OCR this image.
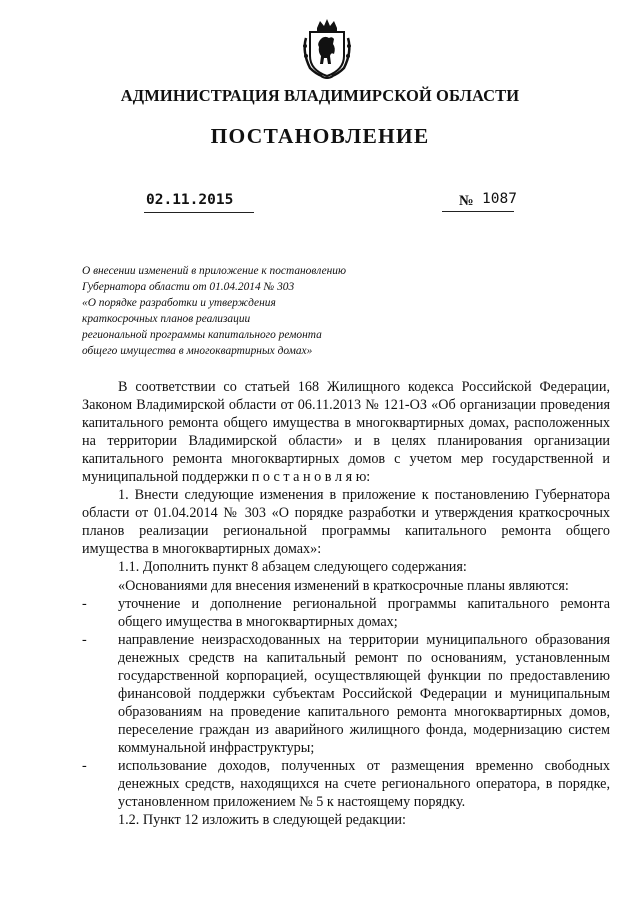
АДМИНИСТРАЦИЯ ВЛАДИМИРСКОЙ ОБЛАСТИ
ПОСТАНОВЛЕНИЕ
02.11.2015	№ 1087
О внесении изменений в приложение к постановлению
Губернатора области от 01.04.2014 № 303
«О порядке разработки и утверждения
краткосрочных планов реализации
региональной программы капитального ремонта
общего имущества в многоквартирных домах»

В соответствии со статьей 168 Жилищного кодекса Российской Федерации, Законом Владимирской области от 06.11.2013 № 121-ОЗ «Об организации проведения капитального ремонта общего имущества в многоквартирных домах, расположенных на территории Владимирской области» и в целях планирования организации капитального ремонта многоквартирных домов с учетом мер государственной и муниципальной поддержки п о с т а н о в л я ю:

1. Внести следующие изменения в приложение к постановлению Губернатора области от 01.04.2014 № 303 «О порядке разработки и утверждения краткосрочных планов реализации региональной программы капитального ремонта общего имущества в многоквартирных домах»:

1.1. Дополнить пункт 8 абзацем следующего содержания:

«Основаниями для внесения изменений в краткосрочные планы являются:

-	уточнение и дополнение региональной программы капитального ремонта общего имущества в многоквартирных домах;
-	направление неизрасходованных на территории муниципального образования денежных средств на капитальный ремонт по основаниям, установленным государственной корпорацией, осуществляющей функции по предоставлению финансовой поддержки субъектам Российской Федерации и муниципальным образованиям на проведение капитального ремонта многоквартирных домов, переселение граждан из аварийного жилищного фонда, модернизацию систем коммунальной инфраструктуры;
-	использование доходов, полученных от размещения временно свободных денежных средств, находящихся на счете регионального оператора, в порядке, установленном приложением № 5 к настоящему порядку.

1.2. Пункт 12 изложить в следующей редакции:
